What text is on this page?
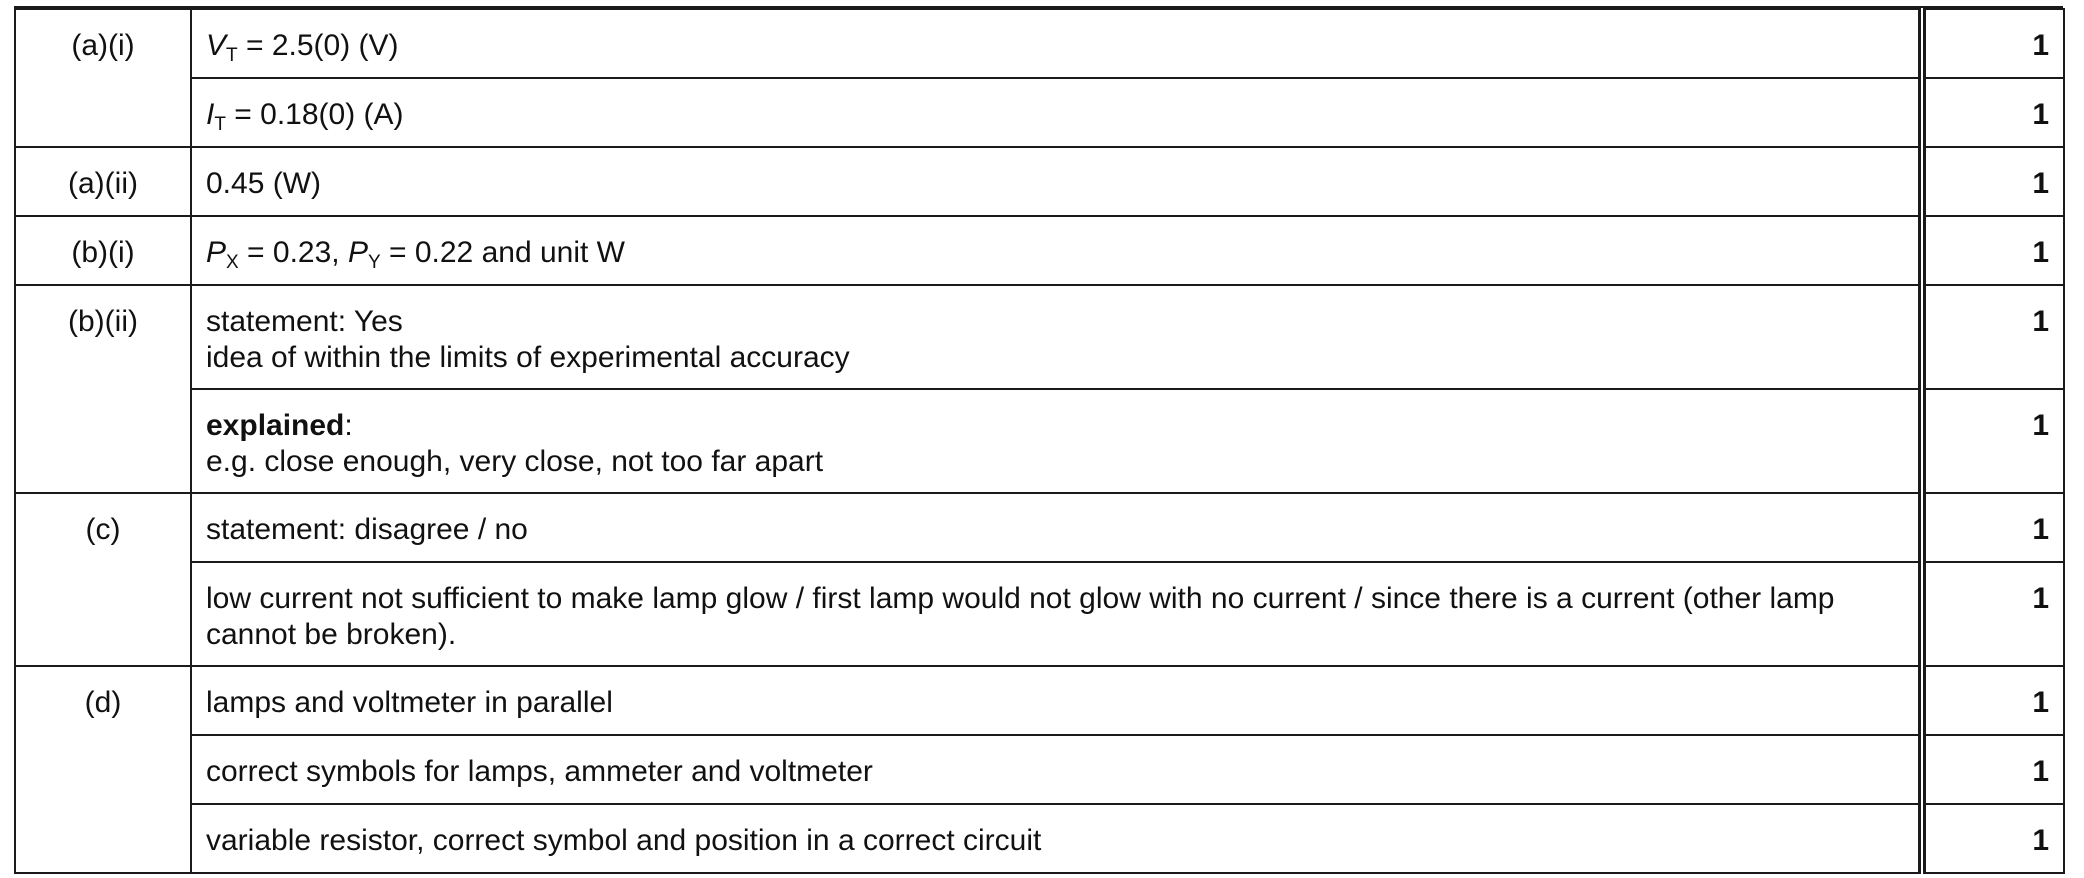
(a)(i)	$V_T = 2.5(0)$ (V)	1
	$I_T = 0.18(0)$ (A)	1
(a)(ii)	0.45 (W)	1
(b)(i)	$P_X = 0.23$, $P_Y = 0.22$ and unit W	1
(b)(ii)	statement: Yes
idea of within the limits of experimental accuracy	1

	explained:
e.g. close enough, very close, not too far apart	1
(c)	statement: disagree / no	1

	low current not sufficient to make lamp glow / first lamp would not glow with no current / since there is a current (other lamp
cannot be broken).	1
(d)	lamps and voltmeter in parallel	1
	correct symbols for lamps, ammeter and voltmeter	1
	variable resistor, correct symbol and position in a correct circuit	1
